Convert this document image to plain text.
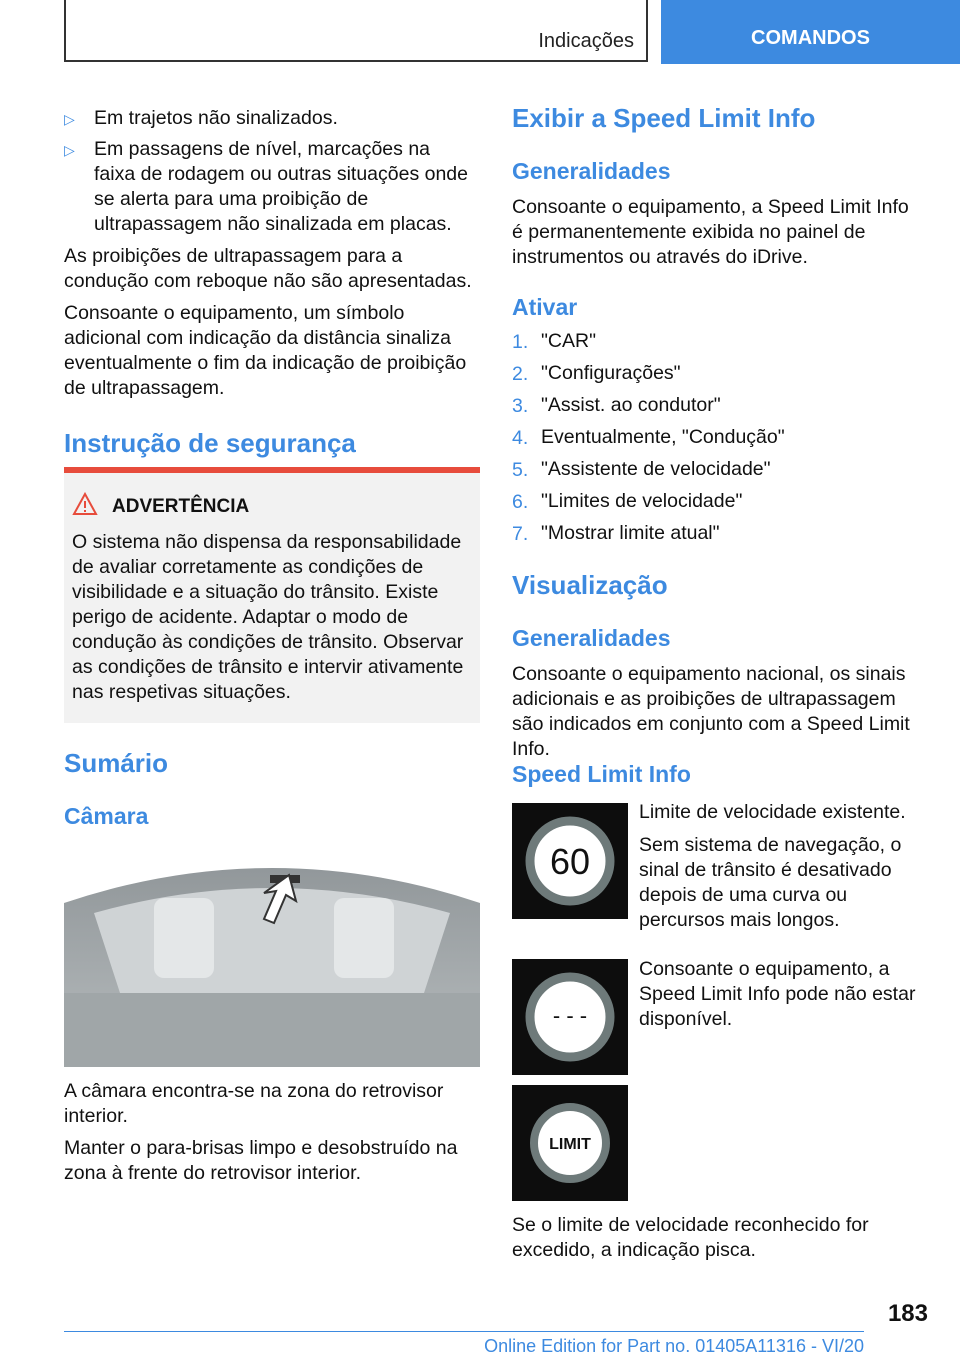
Indicações	COMANDOS
▷ Em trajetos não sinalizados.

▷ Em passagens de nível, marcações na faixa de rodagem ou outras situações onde se alerta para uma proibição de ultrapassagem não sinalizada em placas.

As proibições de ultrapassagem para a condução com reboque não são apresentadas.

Consoante o equipamento, um símbolo adicional com indicação da distância sinaliza eventualmente o fim da indicação de proibição de ultrapassagem.

Instrução de segurança
ADVERTÊNCIA

O sistema não dispensa da responsabilidade de avaliar corretamente as condições de visibilidade e a situação do trânsito. Existe perigo de acidente. Adaptar o modo de condução às condições de trânsito. Observar as condições de trânsito e intervir ativamente nas respetivas situações.

Sumário
Câmara

A câmara encontra-se na zona do retrovisor interior.

Manter o para-brisas limpo e desobstruído na zona à frente do retrovisor interior.

Exibir a Speed Limit Info
Generalidades

Consoante o equipamento, a Speed Limit Info é permanentemente exibida no painel de instrumentos ou através do iDrive.

Ativar
1. "CAR"
2. "Configurações"
3. "Assist. ao condutor"
4. Eventualmente, "Condução"
5. "Assistente de velocidade"
6. "Limites de velocidade"
7. "Mostrar limite atual"
Visualização
Generalidades

Consoante o equipamento nacional, os sinais adicionais e as proibições de ultrapassagem são indicados em conjunto com a Speed Limit Info.

Speed Limit Info
60

Limite de velocidade existente.

Sem sistema de navegação, o sinal de trânsito é desativado depois de uma curva ou percursos mais longos.

- - -

Consoante o equipamento, a Speed Limit Info pode não estar disponível.

LIMIT

Se o limite de velocidade reconhecido for excedido, a indicação pisca.

183
Online Edition for Part no. 01405A11316 - VI/20
